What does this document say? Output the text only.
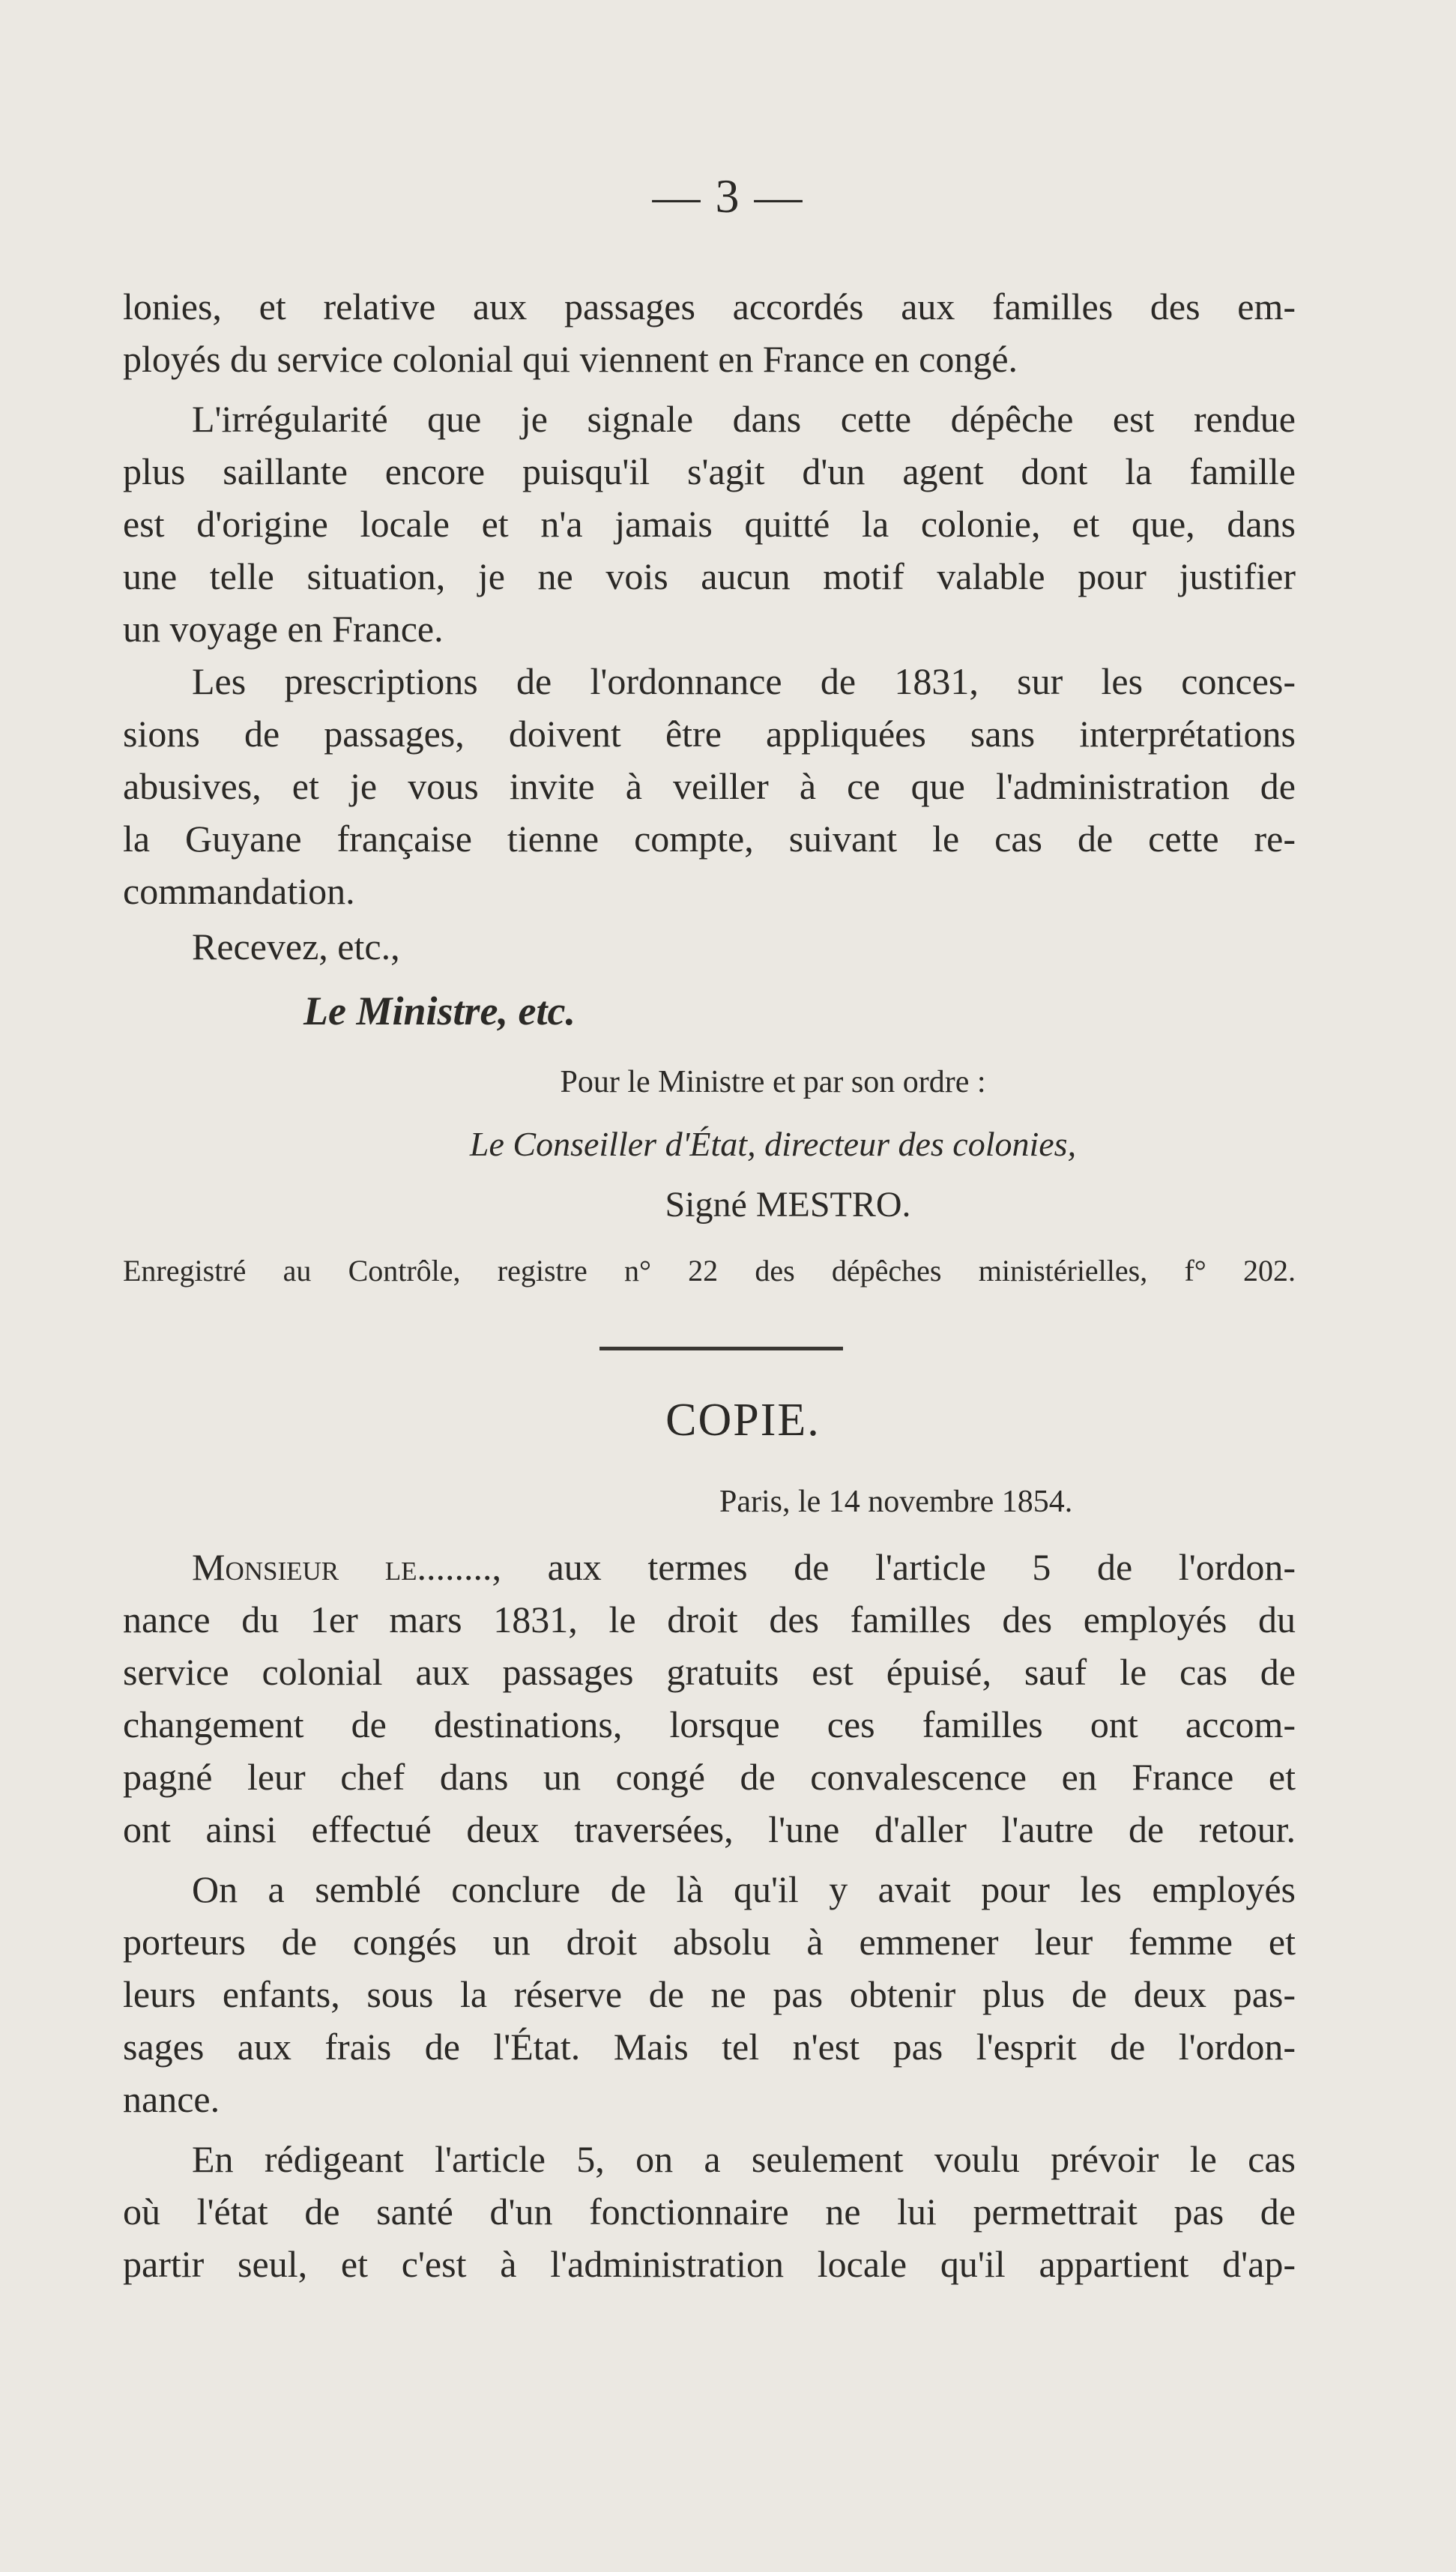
— 3 —
lonies, et relative aux passages accordés aux familles des em-
ployés du service colonial qui viennent en France en congé.
L'irrégularité que je signale dans cette dépêche est rendue
plus saillante encore puisqu'il s'agit d'un agent dont la famille
est d'origine locale et n'a jamais quitté la colonie, et que, dans
une telle situation, je ne vois aucun motif valable pour justifier
un voyage en France.
Les prescriptions de l'ordonnance de 1831, sur les conces-
sions de passages, doivent être appliquées sans interprétations
abusives, et je vous invite à veiller à ce que l'administration de
la Guyane française tienne compte, suivant le cas de cette re-
commandation.
Recevez, etc.,
Le Ministre, etc.
Pour le Ministre et par son ordre :
Le Conseiller d'État, directeur des colonies,
Signé MESTRO.
Enregistré au Contrôle, registre n° 22 des dépêches ministérielles, f° 202.
COPIE.
Paris, le 14 novembre 1854.
Monsieur le........, aux termes de l'article 5 de l'ordon-
nance du 1er mars 1831, le droit des familles des employés du
service colonial aux passages gratuits est épuisé, sauf le cas de
changement de destinations, lorsque ces familles ont accom-
pagné leur chef dans un congé de convalescence en France et
ont ainsi effectué deux traversées, l'une d'aller l'autre de retour.
On a semblé conclure de là qu'il y avait pour les employés
porteurs de congés un droit absolu à emmener leur femme et
leurs enfants, sous la réserve de ne pas obtenir plus de deux pas-
sages aux frais de l'État. Mais tel n'est pas l'esprit de l'ordon-
nance.
En rédigeant l'article 5, on a seulement voulu prévoir le cas
où l'état de santé d'un fonctionnaire ne lui permettrait pas de
partir seul, et c'est à l'administration locale qu'il appartient d'ap-
